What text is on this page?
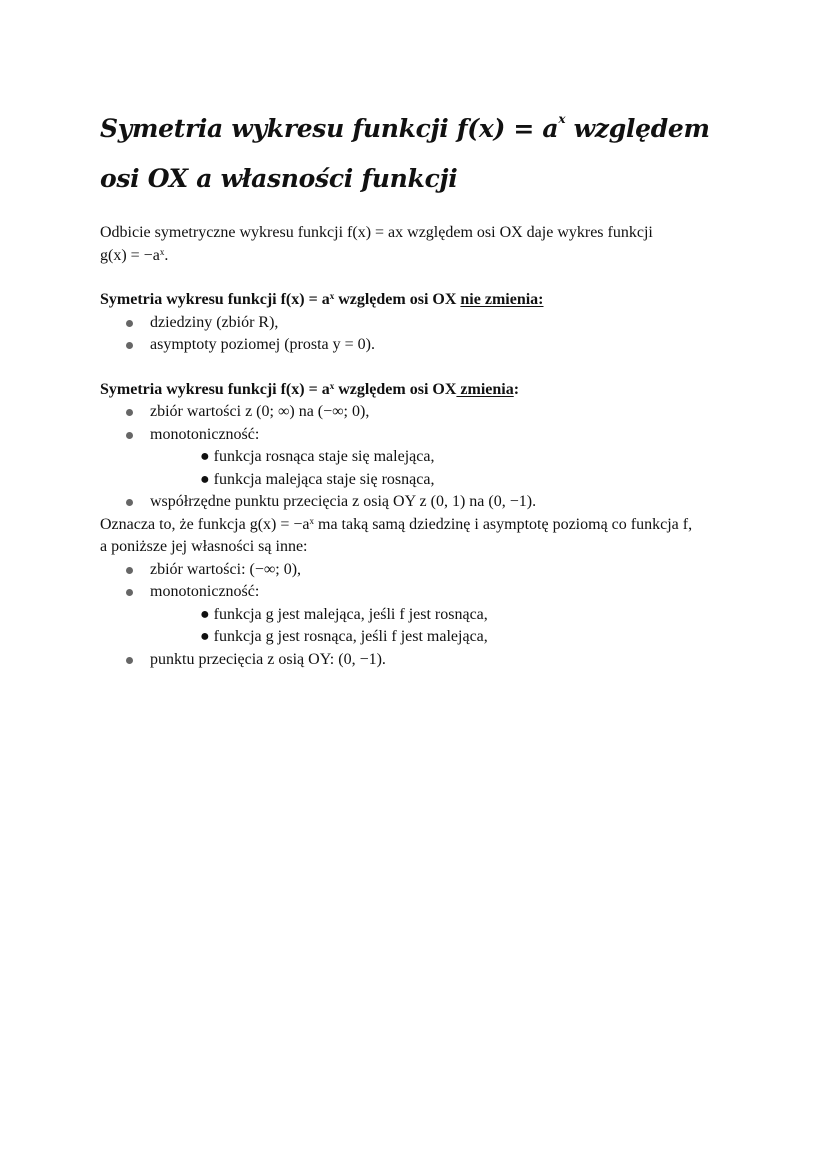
Symetria wykresu funkcji $f(x) = a^x$ względem osi OX a własności funkcji

Odbicie symetryczne wykresu funkcji f(x) = ax względem osi OX daje wykres funkcji
$g(x) = -a^x$.

Symetria wykresu funkcji $f(x) = a^x$ względem osi OX nie zmienia:

dziedziny (zbiór R),
asymptoty poziomej (prosta y = 0).

Symetria wykresu funkcji $f(x) = a^x$ względem osi OX zmienia:

zbiór wartości z (0; ∞) na (−∞; 0),
monotoniczność:
● funkcja rosnąca staje się malejąca,
● funkcja malejąca staje się rosnąca,
współrzędne punktu przecięcia z osią OY z (0, 1) na (0, −1).

Oznacza to, że funkcja $g(x) = -a^x$ ma taką samą dziedzinę i asymptotę poziomą co funkcja f,
a poniższe jej własności są inne:

zbiór wartości: (−∞; 0),
monotoniczność:
● funkcja g jest malejąca, jeśli f jest rosnąca,
● funkcja g jest rosnąca, jeśli f jest malejąca,
punktu przecięcia z osią OY: (0, −1).
